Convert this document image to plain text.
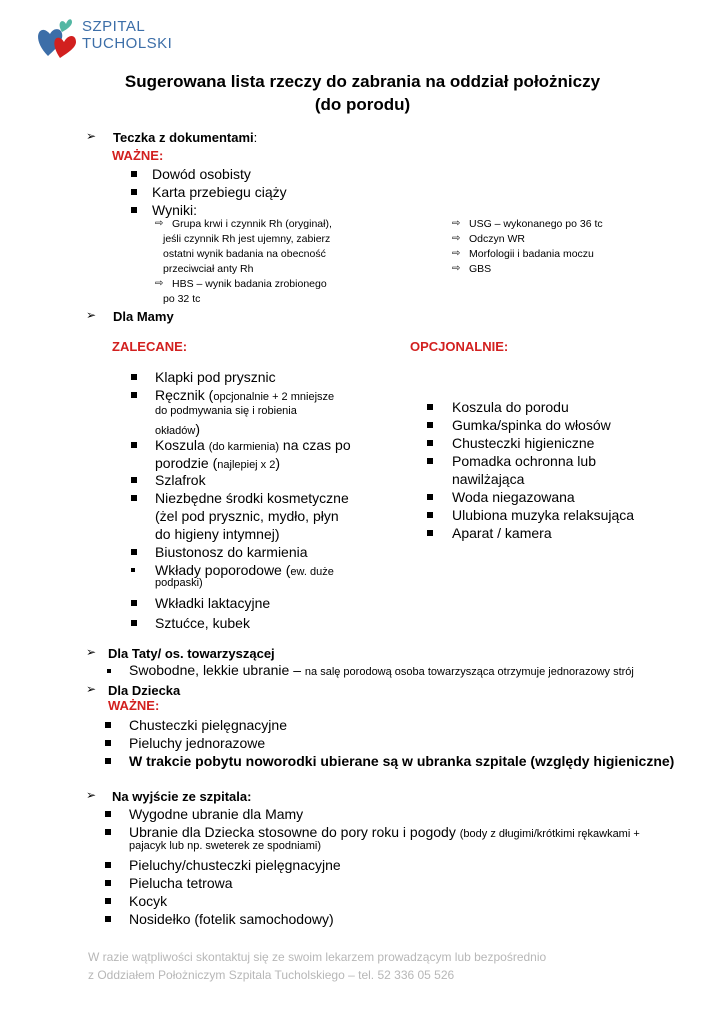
SZPITAL
TUCHOLSKI
Sugerowana lista rzeczy do zabrania na oddział położniczy
(do porodu)
➢ Teczka z dokumentami:
WAŻNE:
Dowód osobisty
Karta przebiegu ciąży
Wyniki:
⇨ Grupa krwi i czynnik Rh (oryginał),
jeśli czynnik Rh jest ujemny, zabierz
ostatni wynik badania na obecność
przeciwciał anty Rh
⇨ HBS – wynik badania zrobionego
po 32 tc
⇨ USG – wykonanego po 36 tc
⇨ Odczyn WR
⇨ Morfologii i badania moczu
⇨ GBS
➢ Dla Mamy
ZALECANE:	OPCJONALNIE:
Klapki pod prysznic
Ręcznik (opcjonalnie + 2 mniejsze
do podmywania się i robienia
okładów)
Koszula (do karmienia) na czas po
porodzie (najlepiej x 2)
Szlafrok
Niezbędne środki kosmetyczne
(żel pod prysznic, mydło, płyn
do higieny intymnej)
Biustonosz do karmienia
Wkłady poporodowe (ew. duże
podpaski)
Wkładki laktacyjne
Sztućce, kubek
Koszula do porodu
Gumka/spinka do włosów
Chusteczki higieniczne
Pomadka ochronna lub
nawilżająca
Woda niegazowana
Ulubiona muzyka relaksująca
Aparat / kamera
➢ Dla Taty/ os. towarzyszącej
Swobodne, lekkie ubranie – na salę porodową osoba towarzysząca otrzymuje jednorazowy strój
➢ Dla Dziecka
WAŻNE:
Chusteczki pielęgnacyjne
Pieluchy jednorazowe
W trakcie pobytu noworodki ubierane są w ubranka szpitale (względy higieniczne)
➢ Na wyjście ze szpitala:
Wygodne ubranie dla Mamy
Ubranie dla Dziecka stosowne do pory roku i pogody (body z długimi/krótkimi rękawkami +
pajacyk lub np. sweterek ze spodniami)
Pieluchy/chusteczki pielęgnacyjne
Pielucha tetrowa
Kocyk
Nosidełko (fotelik samochodowy)
W razie wątpliwości skontaktuj się ze swoim lekarzem prowadzącym lub bezpośrednio
z Oddziałem Położniczym Szpitala Tucholskiego – tel. 52 336 05 526
